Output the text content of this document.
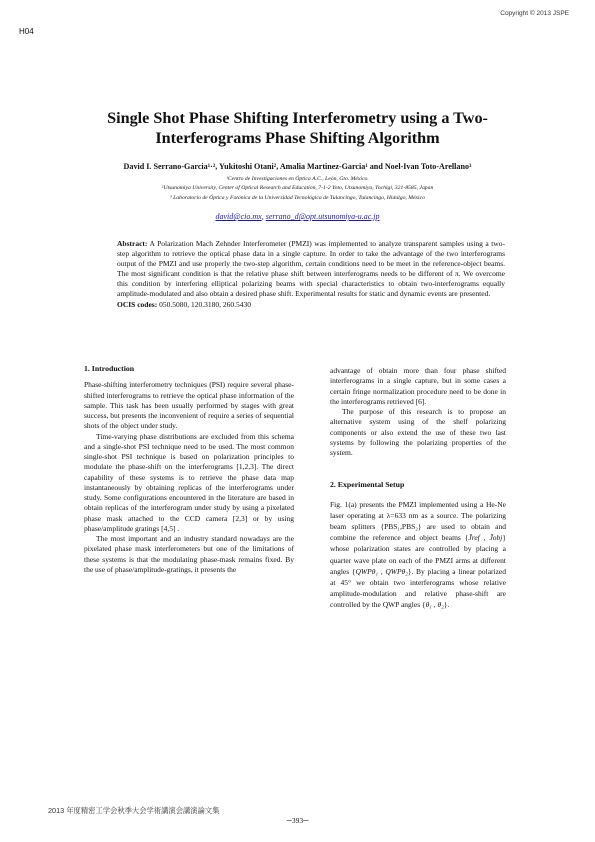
Copyright © 2013 JSPE
H04
Single Shot Phase Shifting Interferometry using a Two-
Interferograms Phase Shifting Algorithm
David I. Serrano-Garcia¹·², Yukitoshi Otani², Amalia Martinez-Garcia¹ and Noel-Ivan Toto-Arellano³
¹Centro de Investigaciones en Óptica A.C., León, Gto. México.
²Utsunomiya University, Center of Optical Research and Education, 7-1-2 Yoto, Utsunomiya, Tochigi, 321-8585, Japan
³ Laboratorio de Óptica y Fotónica de la Universidad Tecnológica de Tulancingo, Tulancingo, Hidalgo, México
david@cio.mx, serrano_d@opt.utsunomiya-u.ac.jp
Abstract: A Polarization Mach Zehnder Interferometer (PMZI) was implemented to analyze transparent samples using a two-step algorithm to retrieve the optical phase data in a single capture. In order to take the advantage of the two interferograms output of the PMZI and use properly the two-step algorithm, certain conditions need to be meet in the reference-object beams. The most significant condition is that the relative phase shift between interferograms needs to be different of π. We overcome this condition by interfering elliptical polarizing beams with special characteristics to obtain two-interferograms equally amplitude-modulated and also obtain a desired phase shift. Experimental results for static and dynamic events are presented.
OCIS codes: 050.5080, 120.3180, 260.5430

1. Introduction

Phase-shifting interferometry techniques (PSI) require several phase-shifted interferograms to retrieve the optical phase information of the sample. This task has been usually performed by stages with great success, but presents the inconvenient of require a series of sequential shots of the object under study.

Time-varying phase distributions are excluded from this schema and a single-shot PSI technique need to be used. The most common single-shot PSI technique is based on polarization principles to modulate the phase-shift on the interferograms [1,2,3]. The direct capability of these systems is to retrieve the phase data map instantaneously by obtaining replicas of the interferograms under study. Some configurations encountered in the literature are based in obtain replicas of the interferogram under study by using a pixelated phase mask attached to the CCD camera [2,3] or by using phase/amplitude gratings [4,5] .

The most important and an industry standard nowadays are the pixelated phase mask interferometers but one of the limitations of these systems is that the modulating phase-mask remains fixed. By the use of phase/amplitude-gratings, it presents the

advantage of obtain more than four phase shifted interferograms in a single capture, but in some cases a certain fringe normalization procedure need to be done in the interferograms retrieved [6].

The purpose of this research is to propose an alternative system using of the shelf polarizing components or also extend the use of these two last systems by following the polarizing properties of the system.

2. Experimental Setup

Fig. 1(a) presents the PMZI implemented using a He-Ne laser operating at λ=633 nm as a source. The polarizing beam splitters {PBS₁,PBS₂} are used to obtain and combine the reference and object beams {J̄ref , J̄obj} whose polarization states are controlled by placing a quarter wave plate on each of the PMZI arms at different angles {QWPθ₁ , QWPθ₂}. By placing a linear polarized at 45° we obtain two interferograms whose relative amplitude-modulation and relative phase-shift are controlled by the QWP angles {θ₁ , θ₂}.

2013 年度精密工学会秋季大会学術講演会講演論文集
─393─
